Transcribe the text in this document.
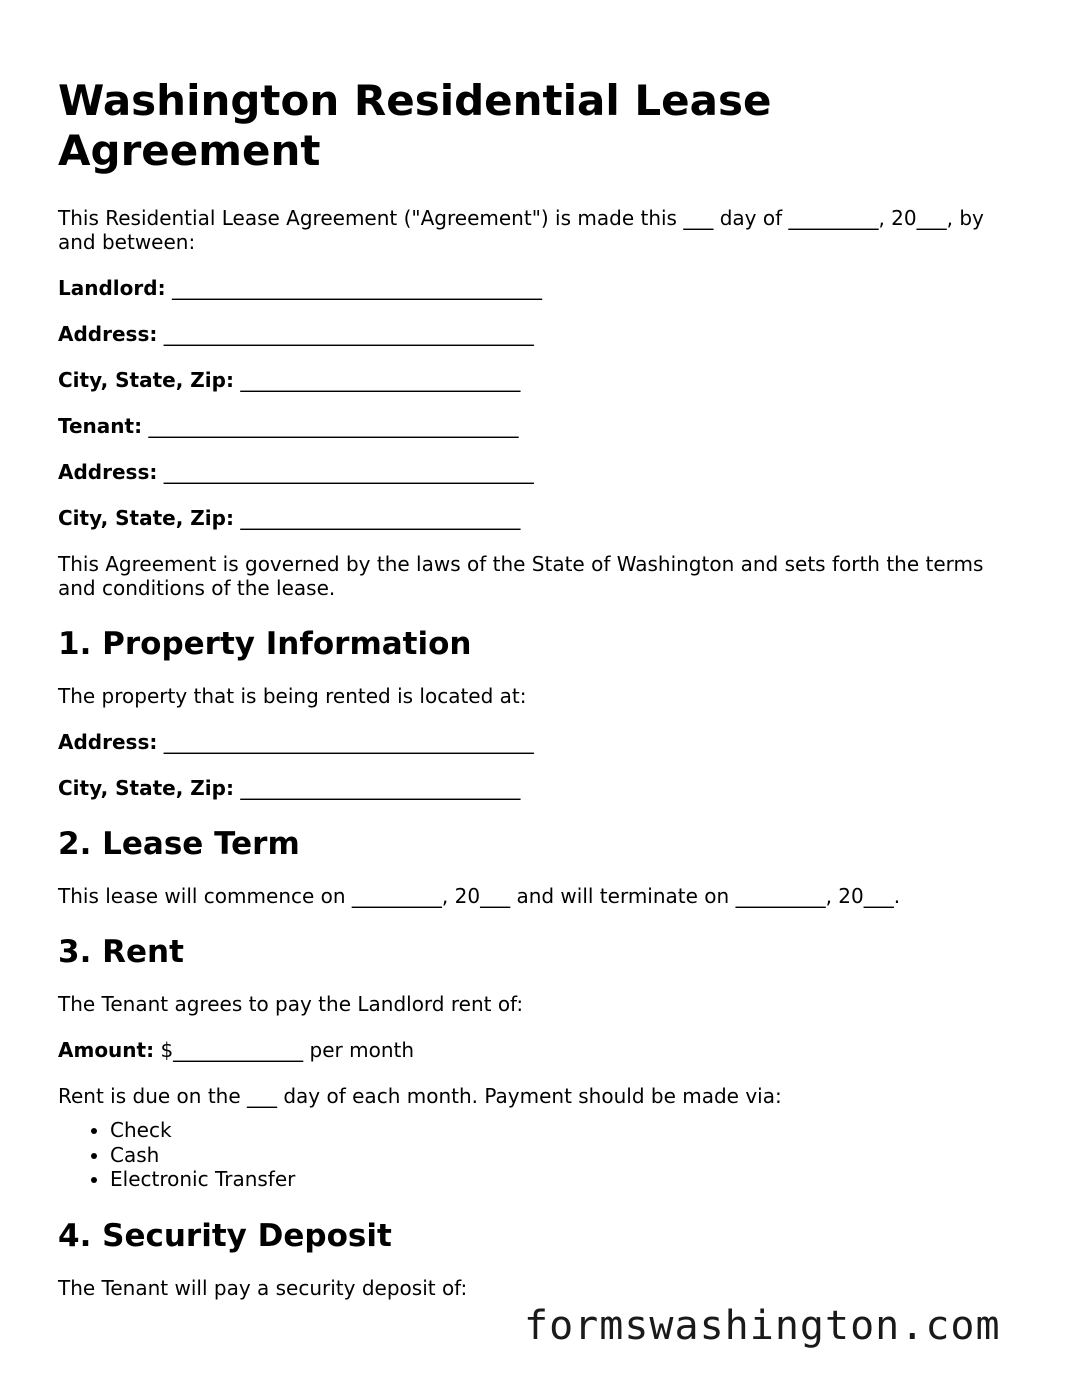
Washington Residential Lease Agreement

This Residential Lease Agreement ("Agreement") is made this ___ day of _________, 20___, by and between:

Landlord: _____________________________________

Address: _____________________________________

City, State, Zip: ____________________________

Tenant: _____________________________________

Address: _____________________________________

City, State, Zip: ____________________________

This Agreement is governed by the laws of the State of Washington and sets forth the terms and conditions of the lease.

1. Property Information

The property that is being rented is located at:

Address: _____________________________________

City, State, Zip: ____________________________

2. Lease Term

This lease will commence on _________, 20___ and will terminate on _________, 20___.

3. Rent

The Tenant agrees to pay the Landlord rent of:

Amount: $_____________ per month

Rent is due on the ___ day of each month. Payment should be made via:

• Check
• Cash
• Electronic Transfer
4. Security Deposit

The Tenant will pay a security deposit of:

formswashington.com
